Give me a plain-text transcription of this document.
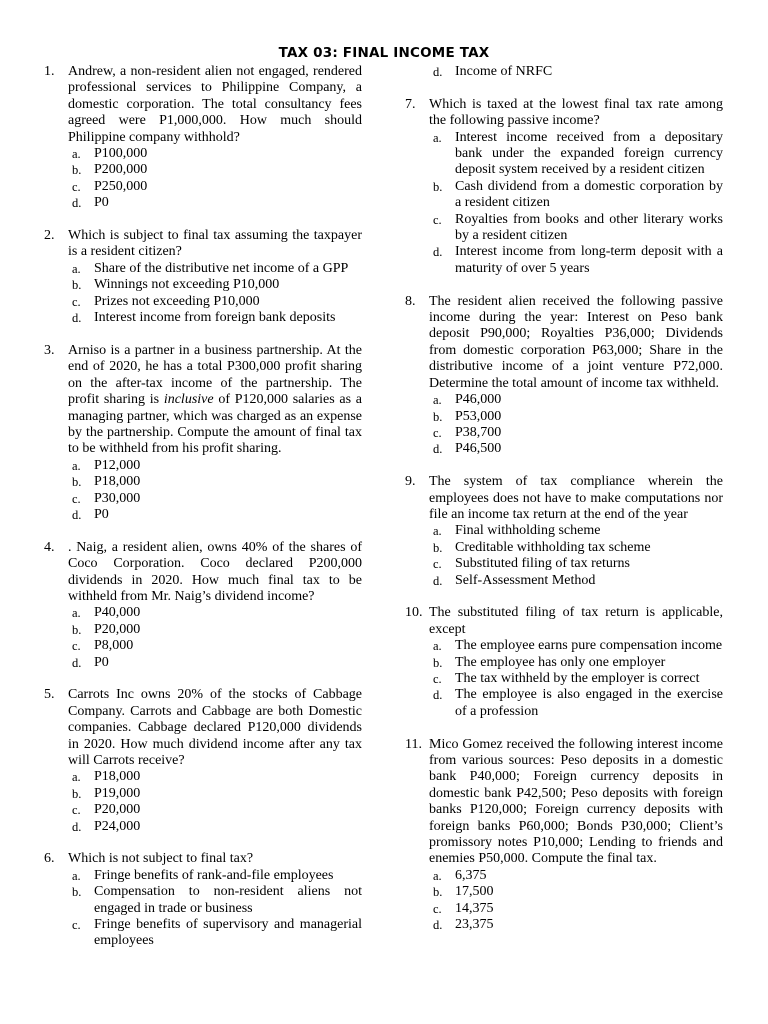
TAX 03: FINAL INCOME TAX
1. Andrew, a non-resident alien not engaged, rendered professional services to Philippine Company, a domestic corporation. The total consultancy fees agreed were P1,000,000. How much should Philippine company withhold?
a. P100,000
b. P200,000
c. P250,000
d. P0
2. Which is subject to final tax assuming the taxpayer is a resident citizen?
a. Share of the distributive net income of a GPP
b. Winnings not exceeding P10,000
c. Prizes not exceeding P10,000
d. Interest income from foreign bank deposits
3. Arniso is a partner in a business partnership. At the end of 2020, he has a total P300,000 profit sharing on the after-tax income of the partnership. The profit sharing is inclusive of P120,000 salaries as a managing partner, which was charged as an expense by the partnership. Compute the amount of final tax to be withheld from his profit sharing.
a. P12,000
b. P18,000
c. P30,000
d. P0
4. . Naig, a resident alien, owns 40% of the shares of Coco Corporation. Coco declared P200,000 dividends in 2020. How much final tax to be withheld from Mr. Naig’s dividend income?
a. P40,000
b. P20,000
c. P8,000
d. P0
5. Carrots Inc owns 20% of the stocks of Cabbage Company. Carrots and Cabbage are both Domestic companies. Cabbage declared P120,000 dividends in 2020. How much dividend income after any tax will Carrots receive?
a. P18,000
b. P19,000
c. P20,000
d. P24,000
6. Which is not subject to final tax?
a. Fringe benefits of rank-and-file employees
b. Compensation to non-resident aliens not engaged in trade or business
c. Fringe benefits of supervisory and managerial employees
d. Income of NRFC
7. Which is taxed at the lowest final tax rate among the following passive income?
a. Interest income received from a depositary bank under the expanded foreign currency deposit system received by a resident citizen
b. Cash dividend from a domestic corporation by a resident citizen
c. Royalties from books and other literary works by a resident citizen
d. Interest income from long-term deposit with a maturity of over 5 years
8. The resident alien received the following passive income during the year: Interest on Peso bank deposit P90,000; Royalties P36,000; Dividends from domestic corporation P63,000; Share in the distributive income of a joint venture P72,000. Determine the total amount of income tax withheld.
a. P46,000
b. P53,000
c. P38,700
d. P46,500
9. The system of tax compliance wherein the employees does not have to make computations nor file an income tax return at the end of the year
a. Final withholding scheme
b. Creditable withholding tax scheme
c. Substituted filing of tax returns
d. Self-Assessment Method
10. The substituted filing of tax return is applicable, except
a. The employee earns pure compensation income
b. The employee has only one employer
c. The tax withheld by the employer is correct
d. The employee is also engaged in the exercise of a profession
11. Mico Gomez received the following interest income from various sources: Peso deposits in a domestic bank P40,000; Foreign currency deposits in domestic bank P42,500; Peso deposits with foreign banks P120,000; Foreign currency deposits with foreign banks P60,000; Bonds P30,000; Client’s promissory notes P10,000; Lending to friends and enemies P50,000. Compute the final tax.
a. 6,375
b. 17,500
c. 14,375
d. 23,375
